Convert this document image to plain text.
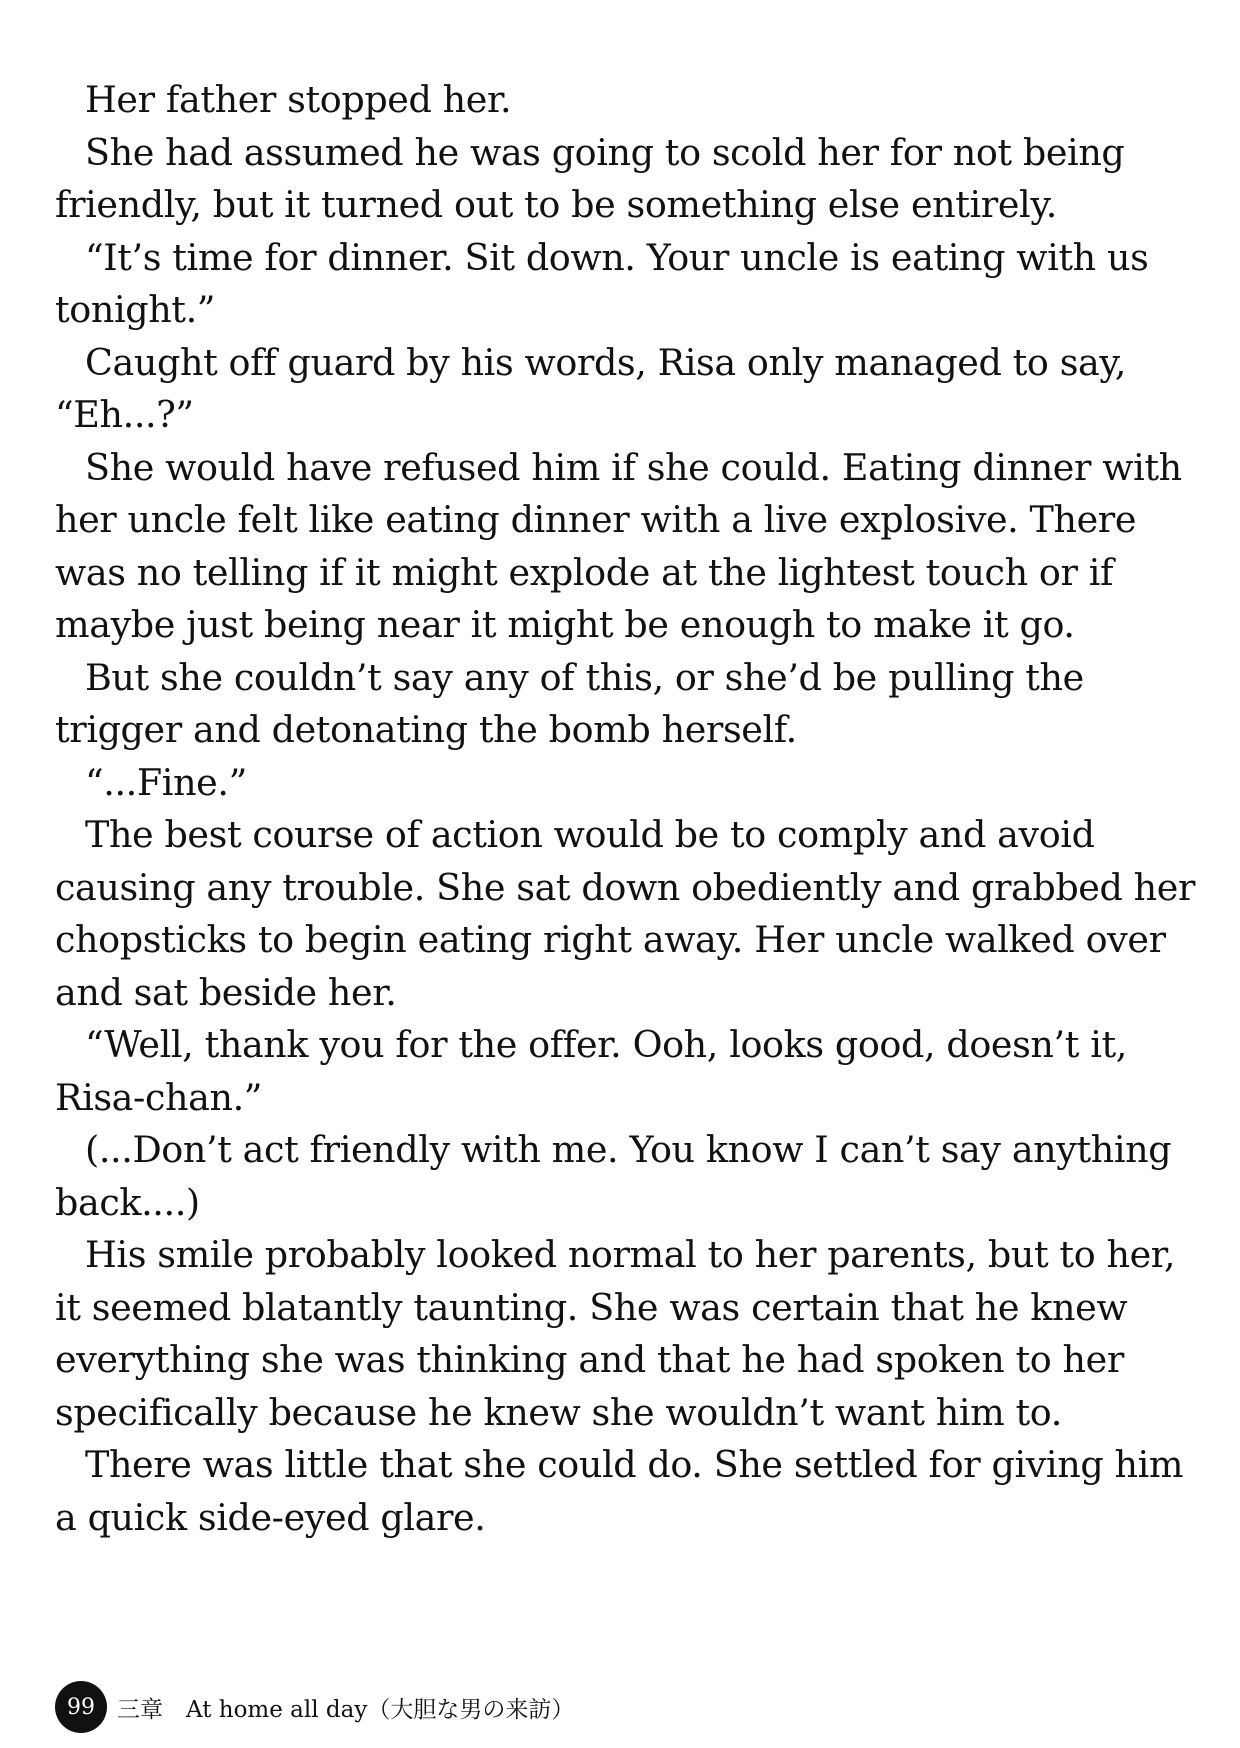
Her father stopped her.

She had assumed he was going to scold her for not being friendly, but it turned out to be something else entirely.

“It’s time for dinner. Sit down. Your uncle is eating with us tonight.”

Caught off guard by his words, Risa only managed to say, “Eh...?”

She would have refused him if she could. Eating dinner with her uncle felt like eating dinner with a live explosive. There was no telling if it might explode at the lightest touch or if maybe just being near it might be enough to make it go.

But she couldn’t say any of this, or she’d be pulling the trigger and detonating the bomb herself.

“...Fine.”

The best course of action would be to comply and avoid causing any trouble. She sat down obediently and grabbed her chopsticks to begin eating right away. Her uncle walked over and sat beside her.

“Well, thank you for the offer. Ooh, looks good, doesn’t it, Risa-chan.”

(...Don’t act friendly with me. You know I can’t say anything back....)

His smile probably looked normal to her parents, but to her, it seemed blatantly taunting. She was certain that he knew everything she was thinking and that he had spoken to her specifically because he knew she wouldn’t want him to.

There was little that she could do. She settled for giving him a quick side-eyed glare.

99 三章　At home all day（大胆な男の来訪）
